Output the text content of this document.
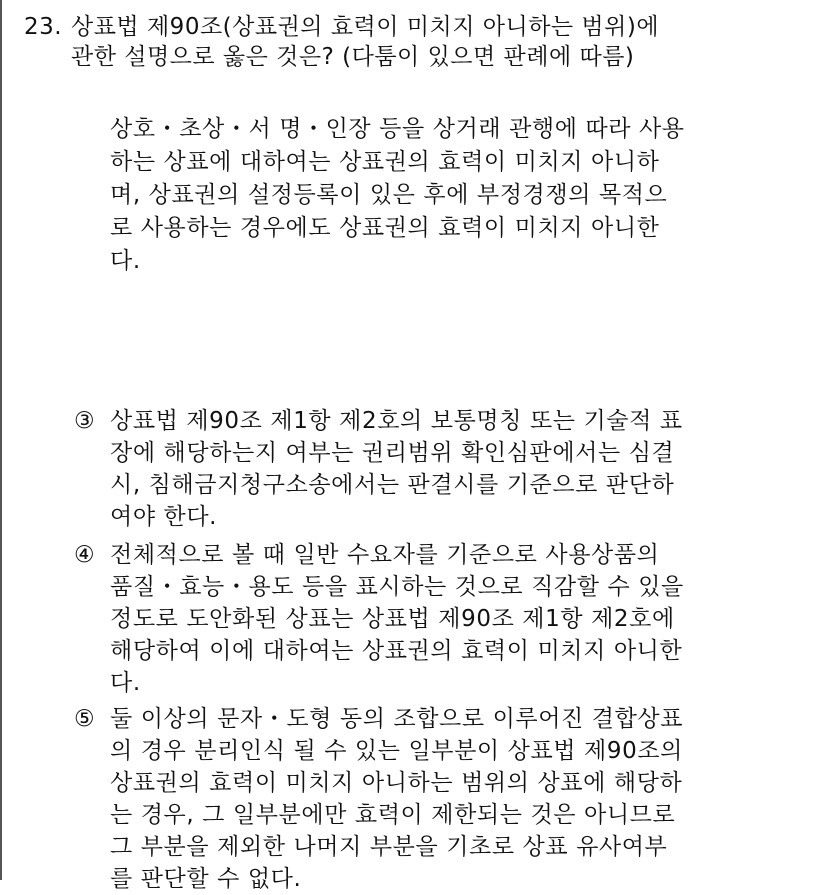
23. 상표법 제90조(상표권의 효력이 미치지 아니하는 범위)에
관한 설명으로 옳은 것은? (다툼이 있으면 판례에 따름)
상호・초상・서 명・인장 등을 상거래 관행에 따라 사용
하는 상표에 대하여는 상표권의 효력이 미치지 아니하
며, 상표권의 설정등록이 있은 후에 부정경쟁의 목적으
로 사용하는 경우에도 상표권의 효력이 미치지 아니한
다.
③ 상표법 제90조 제1항 제2호의 보통명칭 또는 기술적 표
장에 해당하는지 여부는 권리범위 확인심판에서는 심결
시, 침해금지청구소송에서는 판결시를 기준으로 판단하
여야 한다.
④ 전체적으로 볼 때 일반 수요자를 기준으로 사용상품의
품질・효능・용도 등을 표시하는 것으로 직감할 수 있을
정도로 도안화된 상표는 상표법 제90조 제1항 제2호에
해당하여 이에 대하여는 상표권의 효력이 미치지 아니한
다.
⑤ 둘 이상의 문자・도형 동의 조합으로 이루어진 결합상표
의 경우 분리인식 될 수 있는 일부분이 상표법 제90조의
상표권의 효력이 미치지 아니하는 범위의 상표에 해당하
는 경우, 그 일부분에만 효력이 제한되는 것은 아니므로
그 부분을 제외한 나머지 부분을 기초로 상표 유사여부
를 판단할 수 없다.
